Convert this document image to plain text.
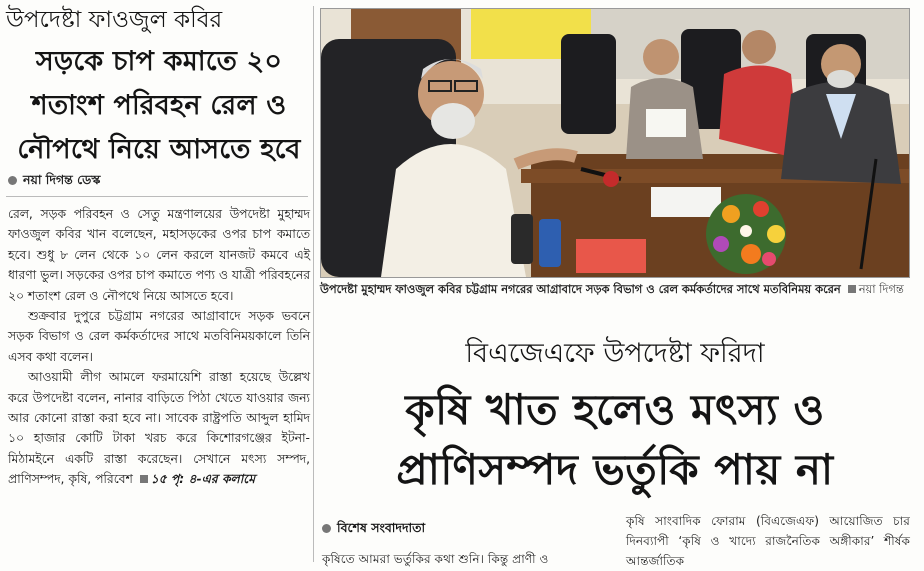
উপদেষ্টা ফাওজুল কবির
সড়কে চাপ কমাতে ২০
শতাংশ পরিবহন রেল ও
নৌপথে নিয়ে আসতে হবে
নয়া দিগন্ত ডেস্ক

রেল, সড়ক পরিবহন ও সেতু মন্ত্রণালয়ের উপদেষ্টা মুহাম্মদ ফাওজুল কবির খান বলেছেন, মহাসড়কের ওপর চাপ কমাতে হবে। শুধু ৮ লেন থেকে ১০ লেন করলে যানজট কমবে এই ধারণা ভুল। সড়কের ওপর চাপ কমাতে পণ্য ও যাত্রী পরিবহনের ২০ শতাংশ রেল ও নৌপথে নিয়ে আসতে হবে।

শুক্রবার দুপুরে চট্টগ্রাম নগরের আগ্রাবাদে সড়ক ভবনে সড়ক বিভাগ ও রেল কর্মকর্তাদের সাথে মতবিনিময়কালে তিনি এসব কথা বলেন।

আওয়ামী লীগ আমলে ফরমায়েশি রাস্তা হয়েছে উল্লেখ করে উপদেষ্টা বলেন, নানার বাড়িতে পিঠা খেতে যাওয়ার জন্য আর কোনো রাস্তা করা হবে না। সাবেক রাষ্ট্রপতি আব্দুল হামিদ ১০ হাজার কোটি টাকা খরচ করে কিশোরগঞ্জের ইটনা-মিঠামইনে একটি রাস্তা করেছেন। সেখানে মৎস্য সম্পদ, প্রাণিসম্পদ, কৃষি, পরিবেশ ১৫ পৃ: ৪-এর কলামে

উপদেষ্টা মুহাম্মদ ফাওজুল কবির চট্টগ্রাম নগরের আগ্রাবাদে সড়ক বিভাগ ও রেল কর্মকর্তাদের সাথে মতবিনিময় করেন নয়া দিগন্ত
বিএজেএফে উপদেষ্টা ফরিদা
কৃষি খাত হলেও মৎস্য ও
প্রাণিসম্পদ ভর্তুকি পায় না
বিশেষ সংবাদদাতা
কৃষিতে আমরা ভর্তুকির কথা শুনি। কিন্তু প্রাণী ও
কৃষি সাংবাদিক ফোরাম (বিএজেএফ) আয়োজিত চার দিনব্যাপী ‘কৃষি ও খাদ্যে রাজনৈতিক অঙ্গীকার’ শীর্ষক আন্তর্জাতিক
